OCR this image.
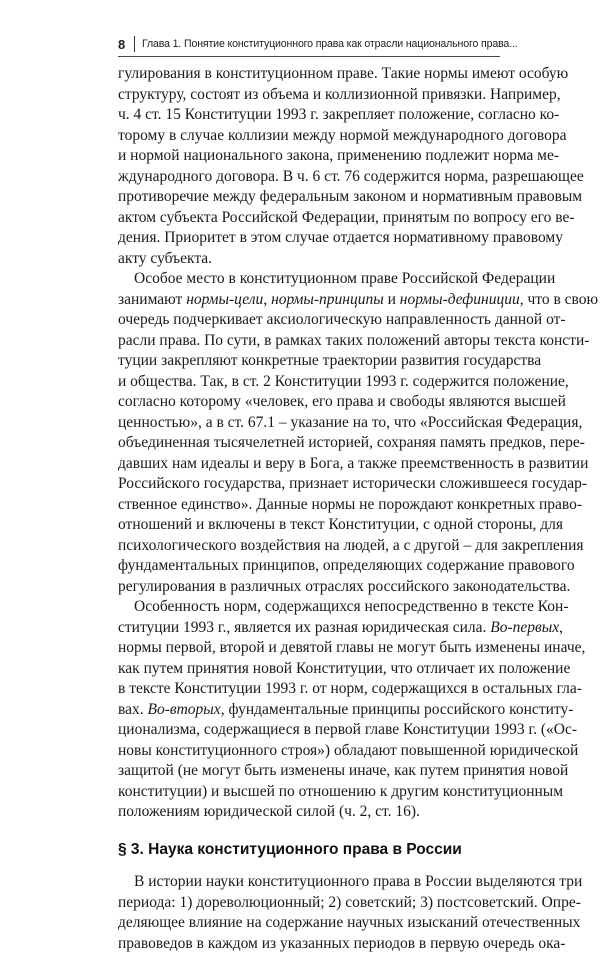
8 Глава 1. Понятие конституционного права как отрасли национального права...

гулирования в конституционном праве. Такие нормы имеют особую
структуру, состоят из объема и коллизионной привязки. Например,
ч. 4 ст. 15 Конституции 1993 г. закрепляет положение, согласно ко-
торому в случае коллизии между нормой международного договора
и нормой национального закона, применению подлежит норма ме-
ждународного договора. В ч. 6 ст. 76 содержится норма, разрешающее
противоречие между федеральным законом и нормативным правовым
актом субъекта Российской Федерации, принятым по вопросу его ве-
дения. Приоритет в этом случае отдается нормативному правовому
акту субъекта.

Особое место в конституционном праве Российской Федерации
занимают нормы-цели, нормы-принципы и нормы-дефиниции, что в свою
очередь подчеркивает аксиологическую направленность данной от-
расли права. По сути, в рамках таких положений авторы текста консти-
туции закрепляют конкретные траектории развития государства
и общества. Так, в ст. 2 Конституции 1993 г. содержится положение,
согласно которому «человек, его права и свободы являются высшей
ценностью», а в ст. 67.1 – указание на то, что «Российская Федерация,
объединенная тысячелетней историей, сохраняя память предков, пере-
давших нам идеалы и веру в Бога, а также преемственность в развитии
Российского государства, признает исторически сложившееся государ-
ственное единство». Данные нормы не порождают конкретных право-
отношений и включены в текст Конституции, с одной стороны, для
психологического воздействия на людей, а с другой – для закрепления
фундаментальных принципов, определяющих содержание правового
регулирования в различных отраслях российского законодательства.

Особенность норм, содержащихся непосредственно в тексте Кон-
ституции 1993 г., является их разная юридическая сила. Во-первых,
нормы первой, второй и девятой главы не могут быть изменены иначе,
как путем принятия новой Конституции, что отличает их положение
в тексте Конституции 1993 г. от норм, содержащихся в остальных гла-
вах. Во-вторых, фундаментальные принципы российского конститу-
ционализма, содержащиеся в первой главе Конституции 1993 г. («Ос-
новы конституционного строя») обладают повышенной юридической
защитой (не могут быть изменены иначе, как путем принятия новой
конституции) и высшей по отношению к другим конституционным
положениям юридической силой (ч. 2, ст. 16).

§ 3. Наука конституционного права в России

В истории науки конституционного права в России выделяются три
периода: 1) дореволюционный; 2) советский; 3) постсоветский. Опре-
деляющее влияние на содержание научных изысканий отечественных
правоведов в каждом из указанных периодов в первую очередь ока-
